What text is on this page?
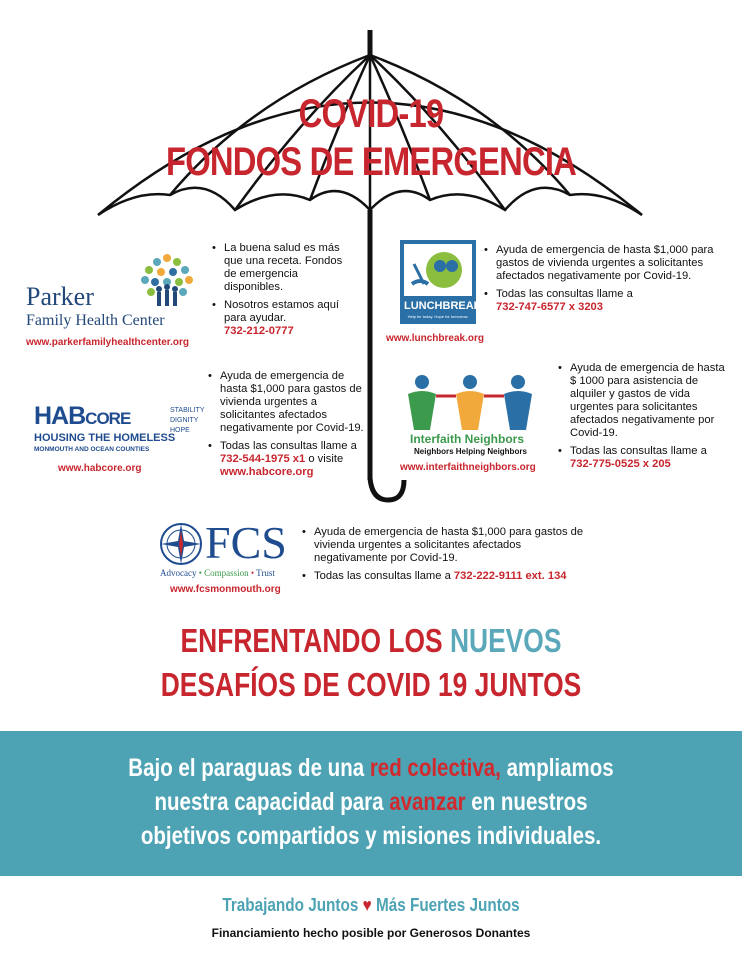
COVID-19
FONDOS DE EMERGENCIA
Parker
Family Health Center
www.parkerfamilyhealthcenter.org
• La buena salud es más que una receta. Fondos de emergencia disponibles.
• Nosotros estamos aquí para ayudar.
732-212-0777
LUNCHBREAK
Help for today. Hope for tomorrow.
www.lunchbreak.org
• Ayuda de emergencia de hasta $1,000 para gastos de vivienda urgentes a solicitantes afectados negativamente por Covid-19.
• Todas las consultas llame a
732-747-6577 x 3203
HABCORE	STABILITY
DIGNITY
HOPE
HOUSING THE HOMELESS
MONMOUTH AND OCEAN COUNTIES
www.habcore.org
• Ayuda de emergencia de hasta $1,000 para gastos de vivienda urgentes a solicitantes afectados negativamente por Covid-19.
• Todas las consultas llame a 732-544-1975 x1 o visite www.habcore.org
Interfaith Neighbors
Neighbors Helping Neighbors
www.interfaithneighbors.org
• Ayuda de emergencia de hasta $ 1000 para asistencia de alquiler y gastos de vida urgentes para solicitantes afectados negativamente por Covid-19.
• Todas las consultas llame a
732-775-0525 x 205
FCS
Advocacy • Compassion • Trust
www.fcsmonmouth.org
• Ayuda de emergencia de hasta $1,000 para gastos de vivienda urgentes a solicitantes afectados negativamente por Covid-19.
• Todas las consultas llame a 732-222-9111 ext. 134
ENFRENTANDO LOS NUEVOS
DESAFÍOS DE COVID 19 JUNTOS
Bajo el paraguas de una red colectiva, ampliamos
nuestra capacidad para avanzar en nuestros
objetivos compartidos y misiones individuales.
Trabajando Juntos ♥ Más Fuertes Juntos
Financiamiento hecho posible por Generosos Donantes
